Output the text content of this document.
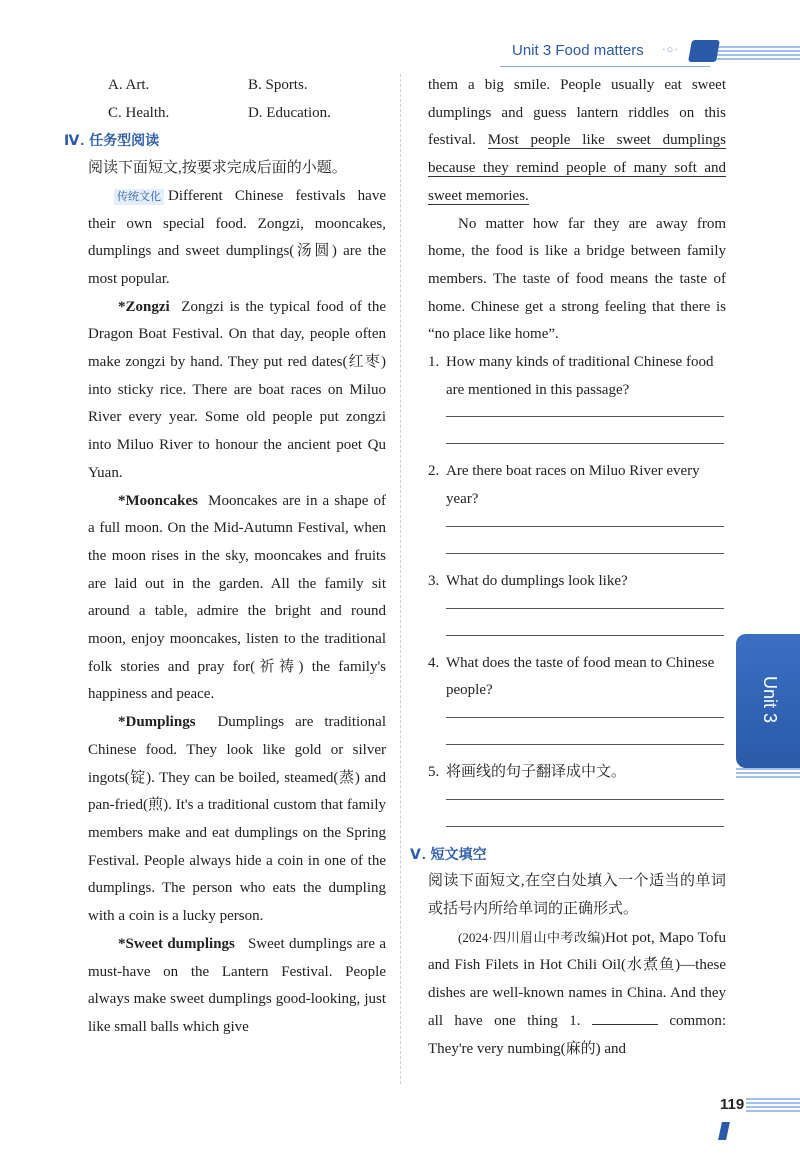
Unit 3 Food matters ·○·
A. Art.	B. Sports.
C. Health.	D. Education.
Ⅳ. 任务型阅读

阅读下面短文,按要求完成后面的小题。

传统文化 Different Chinese festivals have their own special food. Zongzi, mooncakes, dumplings and sweet dumplings(汤圆) are the most popular.

*Zongzi Zongzi is the typical food of the Dragon Boat Festival. On that day, people often make zongzi by hand. They put red dates(红枣) into sticky rice. There are boat races on Miluo River every year. Some old people put zongzi into Miluo River to honour the ancient poet Qu Yuan.

*Mooncakes Mooncakes are in a shape of a full moon. On the Mid-Autumn Festival, when the moon rises in the sky, mooncakes and fruits are laid out in the garden. All the family sit around a table, admire the bright and round moon, enjoy mooncakes, listen to the traditional folk stories and pray for(祈祷) the family's happiness and peace.

*Dumplings Dumplings are traditional Chinese food. They look like gold or silver ingots(锭). They can be boiled, steamed(蒸) and pan-fried(煎). It's a traditional custom that family members make and eat dumplings on the Spring Festival. People always hide a coin in one of the dumplings. The person who eats the dumpling with a coin is a lucky person.

*Sweet dumplings Sweet dumplings are a must-have on the Lantern Festival. People always make sweet dumplings good-looking, just like small balls which give

them a big smile. People usually eat sweet dumplings and guess lantern riddles on this festival. Most people like sweet dumplings because they remind people of many soft and sweet memories.

No matter how far they are away from home, the food is like a bridge between family members. The taste of food means the taste of home. Chinese get a strong feeling that there is “no place like home”.

1. How many kinds of traditional Chinese food are mentioned in this passage?
2. Are there boat races on Miluo River every year?
3. What do dumplings look like?
4. What does the taste of food mean to Chinese people?
5. 将画线的句子翻译成中文。
Ⅴ. 短文填空

阅读下面短文,在空白处填入一个适当的单词或括号内所给单词的正确形式。

(2024·四川眉山中考改编)Hot pot, Mapo Tofu and Fish Filets in Hot Chili Oil(水煮鱼)—these dishes are well-known names in China. And they all have one thing 1.	common: They're very numbing(麻的) and

Unit 3
119
